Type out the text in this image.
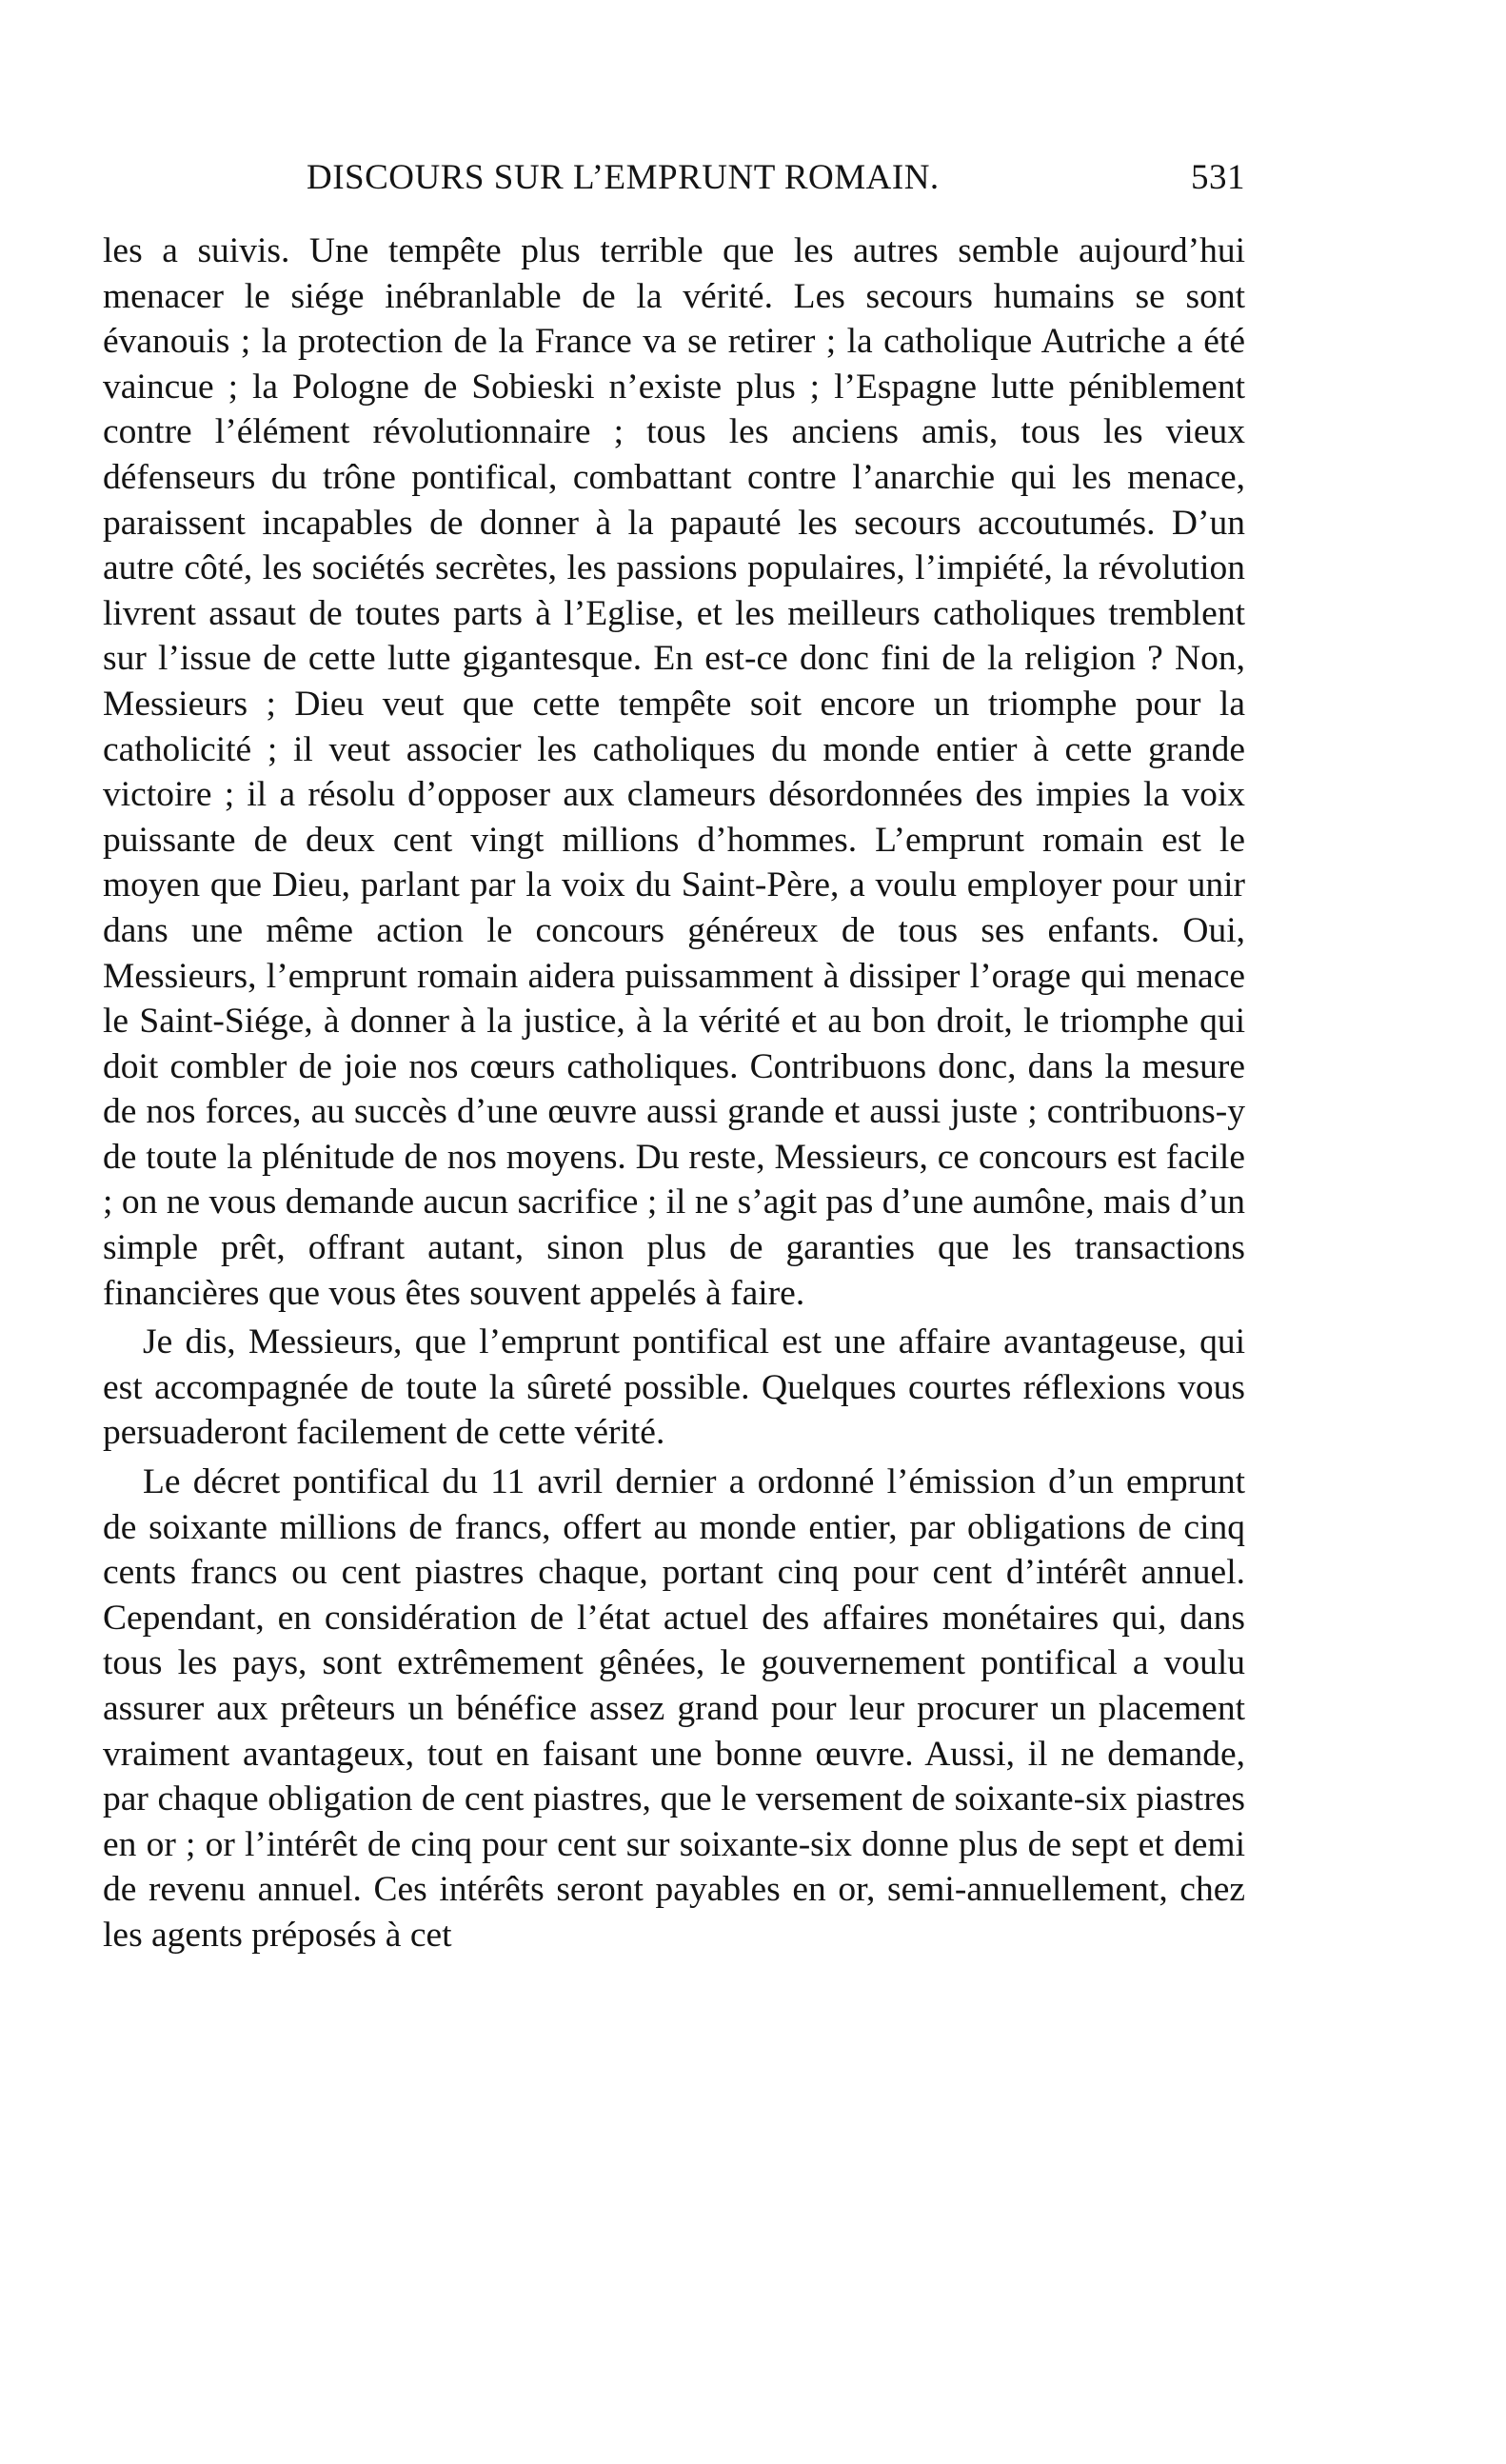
DISCOURS SUR L’EMPRUNT ROMAIN.	531

les a suivis. Une tempête plus terrible que les autres semble aujourd’hui menacer le siége inébranlable de la vérité. Les secours humains se sont évanouis ; la protection de la France va se retirer ; la catholique Autriche a été vaincue ; la Pologne de Sobieski n’existe plus ; l’Espagne lutte péniblement contre l’élément révolutionnaire ; tous les anciens amis, tous les vieux défenseurs du trône pontifical, combattant contre l’anarchie qui les menace, paraissent incapables de donner à la papauté les secours accoutumés. D’un autre côté, les sociétés secrètes, les passions populaires, l’impiété, la révolution livrent assaut de toutes parts à l’Eglise, et les meilleurs catholiques tremblent sur l’issue de cette lutte gigantesque. En est-ce donc fini de la religion ? Non, Messieurs ; Dieu veut que cette tempête soit encore un triomphe pour la catholicité ; il veut associer les catholiques du monde entier à cette grande victoire ; il a résolu d’opposer aux clameurs désordonnées des impies la voix puissante de deux cent vingt millions d’hommes. L’emprunt romain est le moyen que Dieu, parlant par la voix du Saint-Père, a voulu employer pour unir dans une même action le concours généreux de tous ses enfants. Oui, Messieurs, l’emprunt romain aidera puissamment à dissiper l’orage qui menace le Saint-Siége, à donner à la justice, à la vérité et au bon droit, le triomphe qui doit combler de joie nos cœurs catholiques. Contribuons donc, dans la mesure de nos forces, au succès d’une œuvre aussi grande et aussi juste ; contribuons-y de toute la plénitude de nos moyens. Du reste, Messieurs, ce concours est facile ; on ne vous demande aucun sacrifice ; il ne s’agit pas d’une aumône, mais d’un simple prêt, offrant autant, sinon plus de garanties que les transactions financières que vous êtes souvent appelés à faire.

Je dis, Messieurs, que l’emprunt pontifical est une affaire avantageuse, qui est accompagnée de toute la sûreté possible. Quelques courtes réflexions vous persuaderont facilement de cette vérité.

Le décret pontifical du 11 avril dernier a ordonné l’émission d’un emprunt de soixante millions de francs, offert au monde entier, par obligations de cinq cents francs ou cent piastres chaque, portant cinq pour cent d’intérêt annuel. Cependant, en considération de l’état actuel des affaires monétaires qui, dans tous les pays, sont extrêmement gênées, le gouvernement pontifical a voulu assurer aux prêteurs un bénéfice assez grand pour leur procurer un placement vraiment avantageux, tout en faisant une bonne œuvre. Aussi, il ne demande, par chaque obligation de cent piastres, que le versement de soixante-six piastres en or ; or l’intérêt de cinq pour cent sur soixante-six donne plus de sept et demi de revenu annuel. Ces intérêts seront payables en or, semi-annuellement, chez les agents préposés à cet
